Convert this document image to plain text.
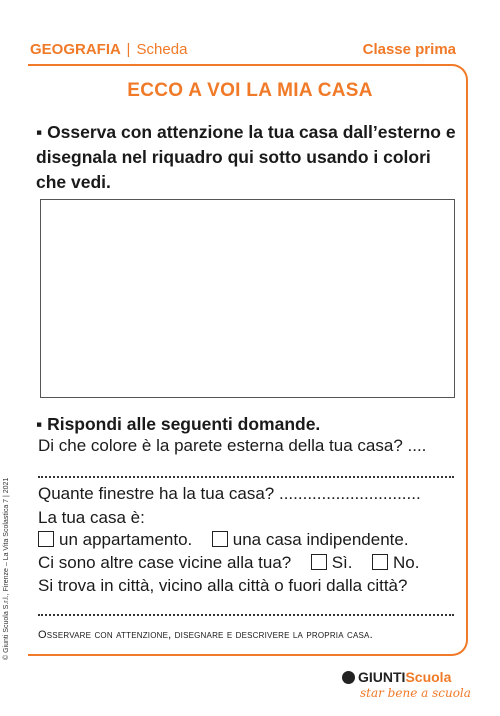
GEOGRAFIA | Scheda	Classe prima
ECCO A VOI LA MIA CASA
▪ Osserva con attenzione la tua casa dall’esterno e disegnala nel riquadro qui sotto usando i colori che vedi.
▪ Rispondi alle seguenti domande.
Di che colore è la parete esterna della tua casa? ....
Quante finestre ha la tua casa? ..............................
La tua casa è:
un appartamento. una casa indipendente.
Ci sono altre case vicine alla tua? Sì. No.
Si trova in città, vicino alla città o fuori dalla città?
Osservare con attenzione, disegnare e descrivere la propria casa.
GIUNTIScuola
star bene a scuola
© Giunti Scuola S.r.l., Firenze – La Vita Scolastica 7 | 2021
